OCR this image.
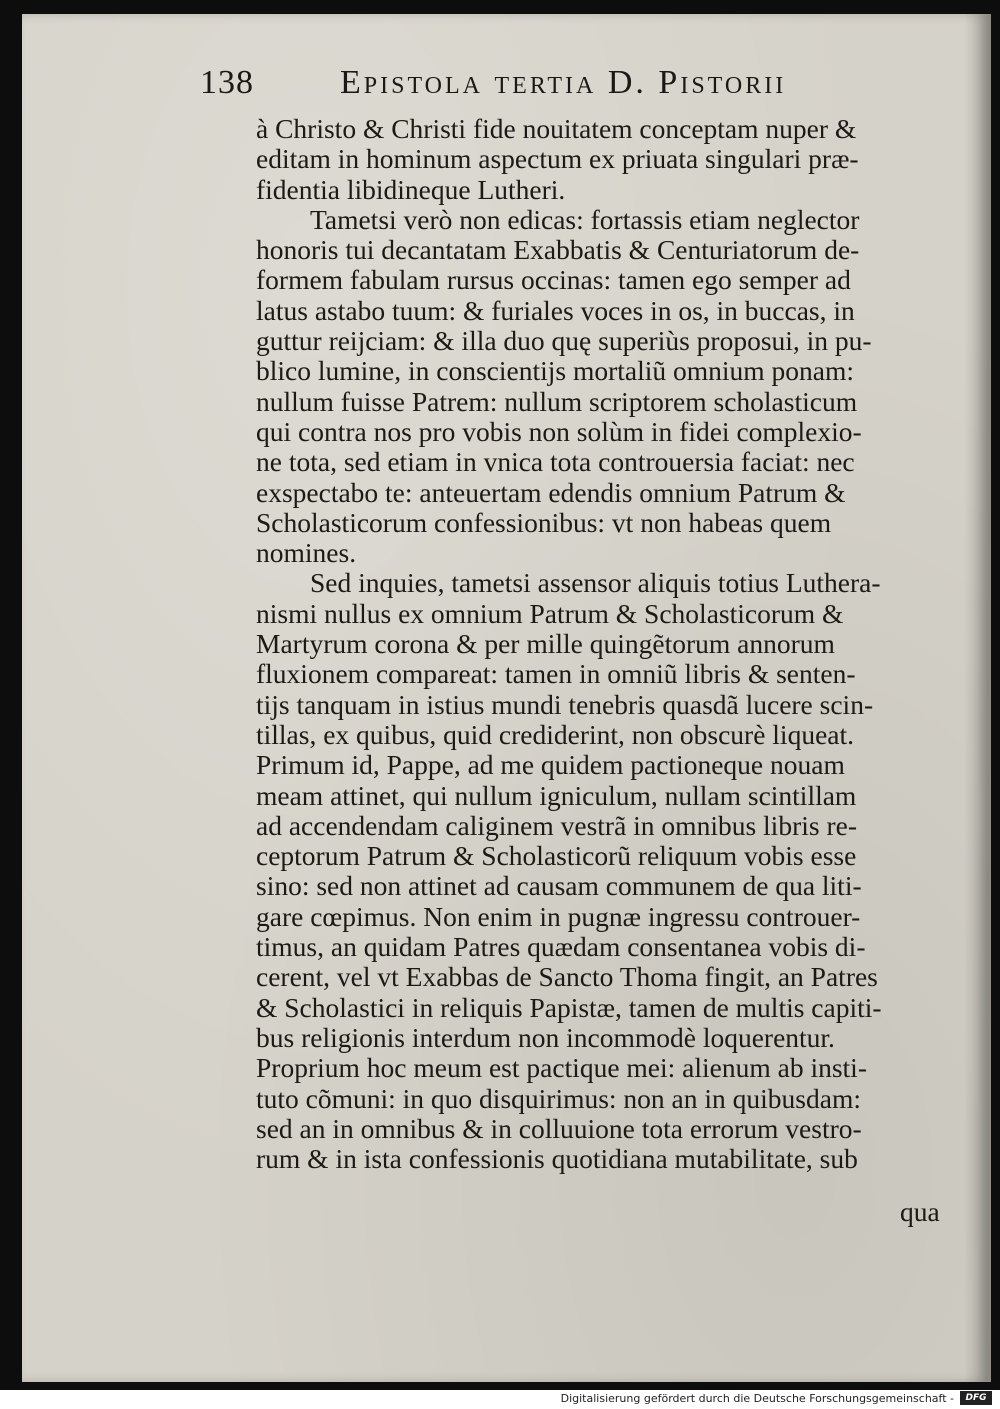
138	Epistola tertia D. Pistorii
à Christo & Christi fide nouitatem conceptam nuper &
editam in hominum aspectum ex priuata singulari præ-
fidentia libidineque Lutheri.
Tametsi verò non edicas: fortassis etiam neglector
honoris tui decantatam Exabbatis & Centuriatorum de-
formem fabulam rursus occinas: tamen ego semper ad
latus astabo tuum: & furiales voces in os, in buccas, in
guttur reijciam: & illa duo quę superiùs proposui, in pu-
blico lumine, in conscientijs mortaliũ omnium ponam:
nullum fuisse Patrem: nullum scriptorem scholasticum
qui contra nos pro vobis non solùm in fidei complexio-
ne tota, sed etiam in vnica tota controuersia faciat: nec
exspectabo te: anteuertam edendis omnium Patrum &
Scholasticorum confessionibus: vt non habeas quem
nomines.
Sed inquies, tametsi assensor aliquis totius Luthera-
nismi nullus ex omnium Patrum & Scholasticorum &
Martyrum corona & per mille quingẽtorum annorum
fluxionem compareat: tamen in omniũ libris & senten-
tijs tanquam in istius mundi tenebris quasdã lucere scin-
tillas, ex quibus, quid crediderint, non obscurè liqueat.
Primum id, Pappe, ad me quidem pactioneque nouam
meam attinet, qui nullum igniculum, nullam scintillam
ad accendendam caliginem vestrã in omnibus libris re-
ceptorum Patrum & Scholasticorũ reliquum vobis esse
sino: sed non attinet ad causam communem de qua liti-
gare cœpimus. Non enim in pugnæ ingressu controuer-
timus, an quidam Patres quædam consentanea vobis di-
cerent, vel vt Exabbas de Sancto Thoma fingit, an Patres
& Scholastici in reliquis Papistæ, tamen de multis capiti-
bus religionis interdum non incommodè loquerentur.
Proprium hoc meum est pactique mei: alienum ab insti-
tuto cõmuni: in quo disquirimus: non an in quibusdam:
sed an in omnibus & in colluuione tota errorum vestro-
rum & in ista confessionis quotidiana mutabilitate, sub
qua
Digitalisierung gefördert durch die Deutsche Forschungsgemeinschaft -	DFG
